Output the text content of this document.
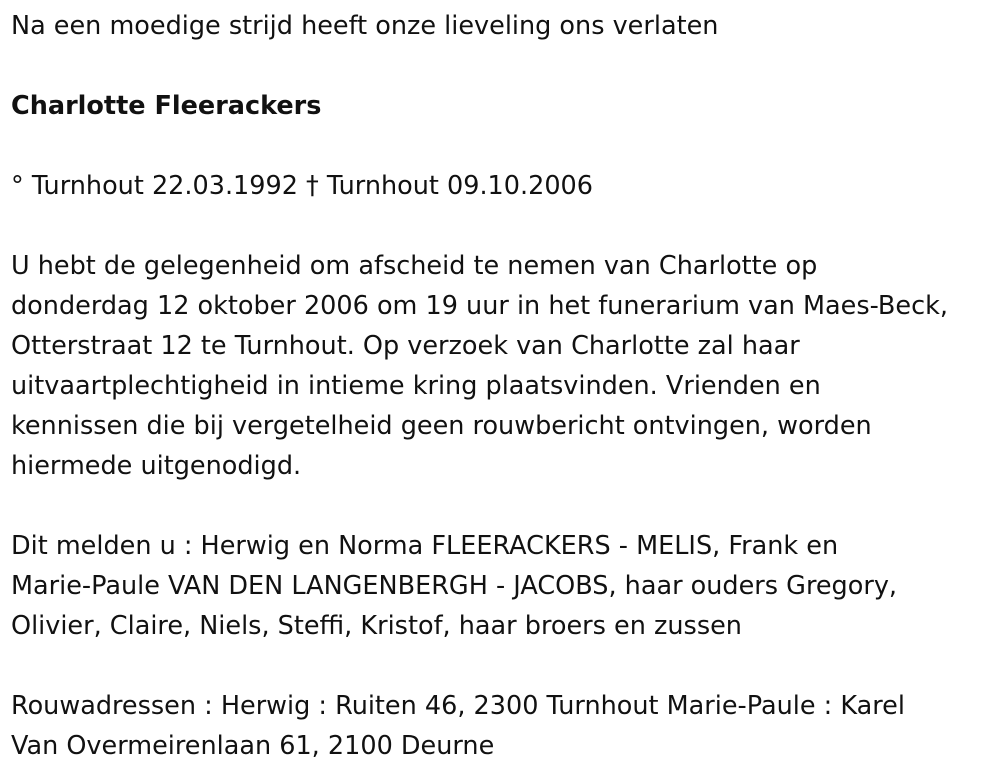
Na een moedige strijd heeft onze lieveling ons verlaten
Charlotte Fleerackers
° Turnhout 22.03.1992 † Turnhout 09.10.2006
U hebt de gelegenheid om afscheid te nemen van Charlotte op
donderdag 12 oktober 2006 om 19 uur in het funerarium van Maes-Beck,
Otterstraat 12 te Turnhout. Op verzoek van Charlotte zal haar
uitvaartplechtigheid in intieme kring plaatsvinden. Vrienden en
kennissen die bij vergetelheid geen rouwbericht ontvingen, worden
hiermede uitgenodigd.
Dit melden u : Herwig en Norma FLEERACKERS - MELIS, Frank en
Marie-Paule VAN DEN LANGENBERGH - JACOBS, haar ouders Gregory,
Olivier, Claire, Niels, Steffi, Kristof, haar broers en zussen
Rouwadressen : Herwig : Ruiten 46, 2300 Turnhout Marie-Paule : Karel
Van Overmeirenlaan 61, 2100 Deurne
